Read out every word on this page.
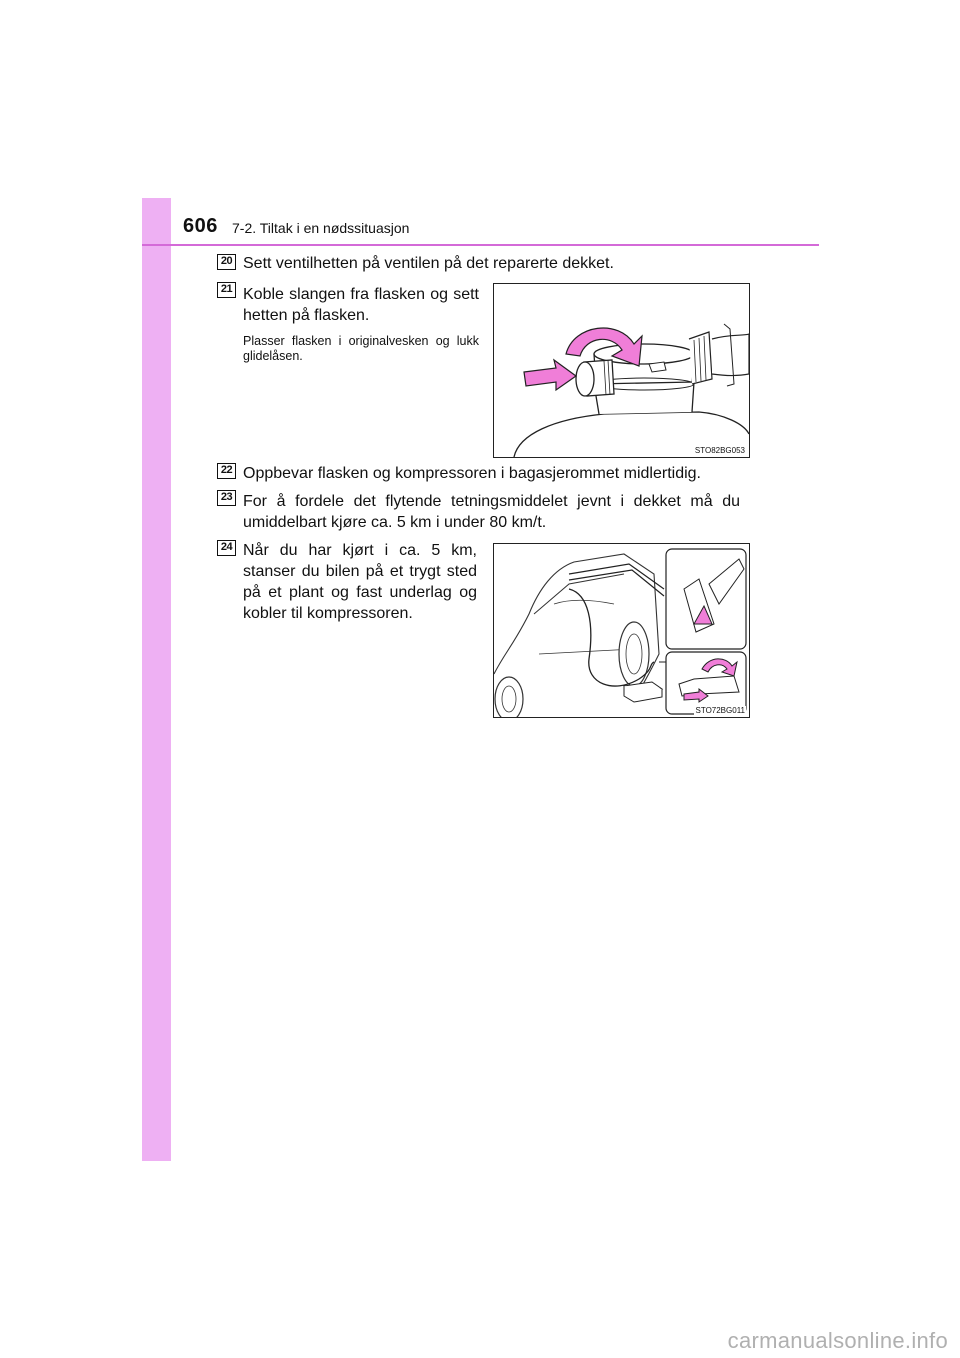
606 7-2. Tiltak i en nødssituasjon
20 Sett ventilhetten på ventilen på det reparerte dekket.
21 Koble slangen fra flasken og sett hetten på flasken.
Plasser flasken i originalvesken og lukk glidelåsen.
STO82BG053
22 Oppbevar flasken og kompressoren i bagasjerommet midlertidig.
23 For å fordele det flytende tetningsmiddelet jevnt i dekket må du umiddelbart kjøre ca. 5 km i under 80 km/t.
24 Når du har kjørt i ca. 5 km, stanser du bilen på et trygt sted på et plant og fast underlag og kobler til kompressoren.
STO72BG011
carmanualsonline.info
